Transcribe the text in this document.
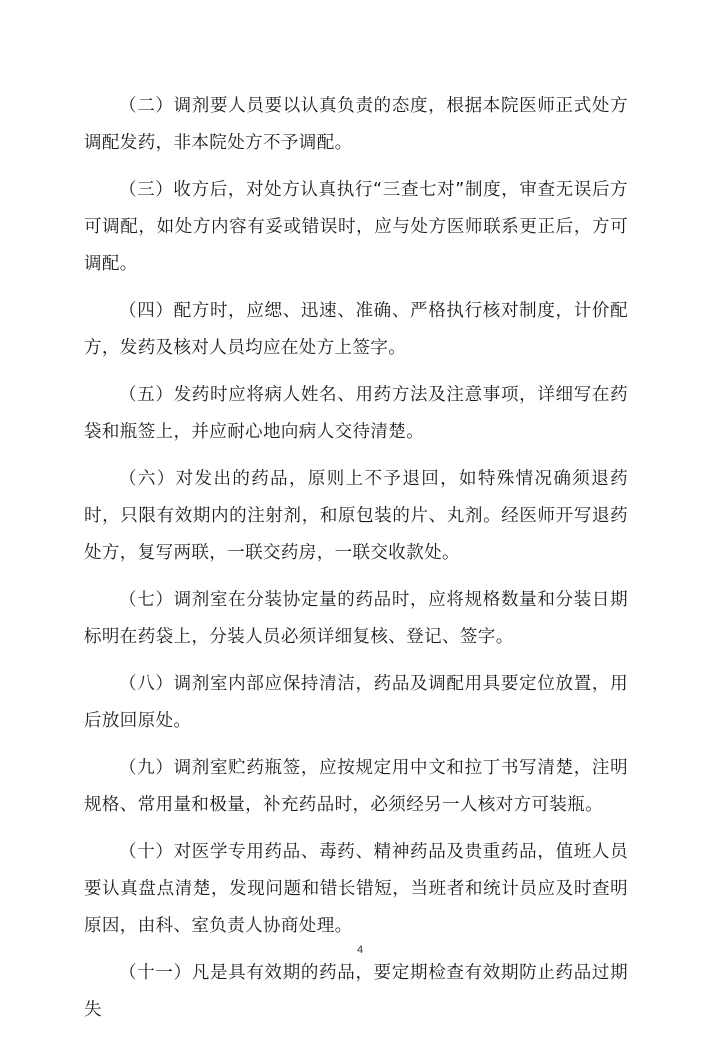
（二）调剂要人员要以认真负责的态度，根据本院医师正式处方调配发药，非本院处方不予调配。

（三）收方后，对处方认真执行“三查七对”制度，审查无误后方可调配，如处方内容有妥或错误时，应与处方医师联系更正后，方可调配。

（四）配方时，应缌、迅速、准确、严格执行核对制度，计价配方，发药及核对人员均应在处方上签字。

（五）发药时应将病人姓名、用药方法及注意事项，详细写在药袋和瓶签上，并应耐心地向病人交待清楚。

（六）对发出的药品，原则上不予退回，如特殊情况确须退药时，只限有效期内的注射剂，和原包装的片、丸剂。经医师开写退药处方，复写两联，一联交药房，一联交收款处。

（七）调剂室在分装协定量的药品时，应将规格数量和分装日期标明在药袋上，分装人员必须详细复核、登记、签字。

（八）调剂室内部应保持清洁，药品及调配用具要定位放置，用后放回原处。

（九）调剂室贮药瓶签，应按规定用中文和拉丁书写清楚，注明规格、常用量和极量，补充药品时，必须经另一人核对方可装瓶。

（十）对医学专用药品、毒药、精神药品及贵重药品，值班人员要认真盘点清楚，发现问题和错长错短，当班者和统计员应及时查明原因，由科、室负责人协商处理。

（十一）凡是具有效期的药品，要定期检查有效期防止药品过期失

4
